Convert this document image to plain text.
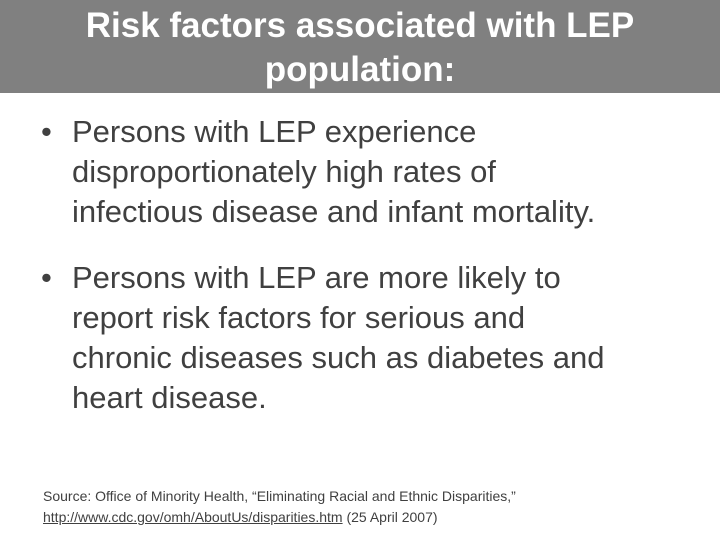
Risk factors associated with LEP
population:
• Persons with LEP experience
disproportionately high rates of
infectious disease and infant mortality.
• Persons with LEP are more likely to
report risk factors for serious and
chronic diseases such as diabetes and
heart disease.
Source: Office of Minority Health, “Eliminating Racial and Ethnic Disparities,”
http://www.cdc.gov/omh/AboutUs/disparities.htm (25 April 2007)
